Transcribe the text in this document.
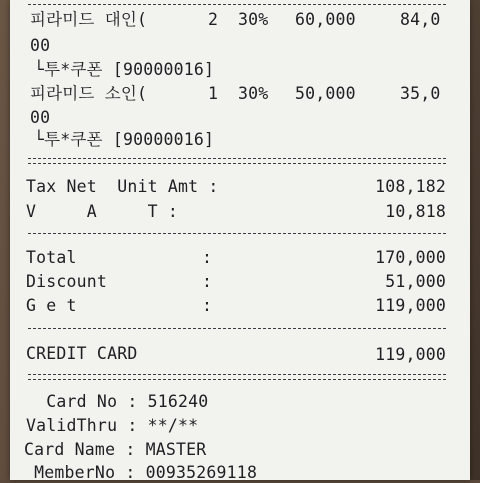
피라미드 대인(	2 30% 60,000	84,0
00
└투*쿠폰 [90000016]
피라미드 소인(	1 30% 50,000	35,0
00
└투*쿠폰 [90000016]
Tax Net  Unit Amt :	108,182
V     A     T :	10,818
Total	:	170,000
Discount	:	51,000
G e t	:	119,000
CREDIT CARD	119,000
Card No : 516240
ValidThru : **/**
Card Name : MASTER
MemberNo : 00935269118
